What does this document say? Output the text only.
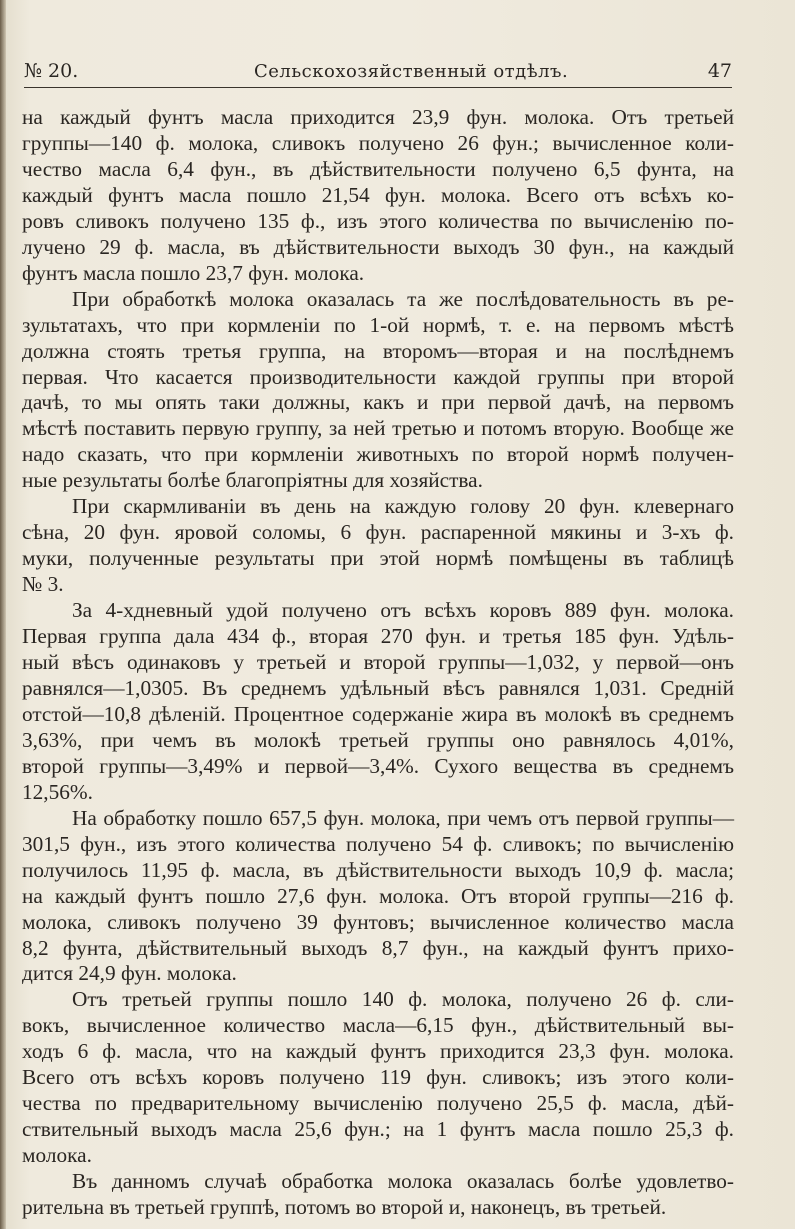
№ 20.	Сельскохозяйственный отдѣлъ.	47

на каждый фунтъ масла приходится 23,9 фун. молока. Отъ третьей

группы—140 ф. молока, сливокъ получено 26 фун.; вычисленное коли-

чество масла 6,4 фун., въ дѣйствительности получено 6,5 фунта, на

каждый фунтъ масла пошло 21,54 фун. молока. Всего отъ всѣхъ ко-

ровъ сливокъ получено 135 ф., изъ этого количества по вычисленію по-

лучено 29 ф. масла, въ дѣйствительности выходъ 30 фун., на каждый

фунтъ масла пошло 23,7 фун. молока.

При обработкѣ молока оказалась та же послѣдовательность въ ре-

зультатахъ, что при кормленіи по 1-ой нормѣ, т. е. на первомъ мѣстѣ

должна стоять третья группа, на второмъ—вторая и на послѣднемъ

первая. Что касается производительности каждой группы при второй

дачѣ, то мы опять таки должны, какъ и при первой дачѣ, на первомъ

мѣстѣ поставить первую группу, за ней третью и потомъ вторую. Вообще же

надо сказать, что при кормленіи животныхъ по второй нормѣ получен-

ные результаты болѣе благопріятны для хозяйства.

При скармливаніи въ день на каждую голову 20 фун. клевернаго

сѣна, 20 фун. яровой соломы, 6 фун. распаренной мякины и 3-хъ ф.

муки, полученные результаты при этой нормѣ помѣщены въ таблицѣ

№ 3.

За 4-хдневный удой получено отъ всѣхъ коровъ 889 фун. молока.

Первая группа дала 434 ф., вторая 270 фун. и третья 185 фун. Удѣль-

ный вѣсъ одинаковъ у третьей и второй группы—1,032, у первой—онъ

равнялся—1,0305. Въ среднемъ удѣльный вѣсъ равнялся 1,031. Средній

отстой—10,8 дѣленій. Процентное содержаніе жира въ молокѣ въ среднемъ

3,63%, при чемъ въ молокѣ третьей группы оно равнялось 4,01%,

второй группы—3,49% и первой—3,4%. Сухого вещества въ среднемъ

12,56%.

На обработку пошло 657,5 фун. молока, при чемъ отъ первой группы—

301,5 фун., изъ этого количества получено 54 ф. сливокъ; по вычисленію

получилось 11,95 ф. масла, въ дѣйствительности выходъ 10,9 ф. масла;

на каждый фунтъ пошло 27,6 фун. молока. Отъ второй группы—216 ф.

молока, сливокъ получено 39 фунтовъ; вычисленное количество масла

8,2 фунта, дѣйствительный выходъ 8,7 фун., на каждый фунтъ прихо-

дится 24,9 фун. молока.

Отъ третьей группы пошло 140 ф. молока, получено 26 ф. сли-

вокъ, вычисленное количество масла—6,15 фун., дѣйствительный вы-

ходъ 6 ф. масла, что на каждый фунтъ приходится 23,3 фун. молока.

Всего отъ всѣхъ коровъ получено 119 фун. сливокъ; изъ этого коли-

чества по предварительному вычисленію получено 25,5 ф. масла, дѣй-

ствительный выходъ масла 25,6 фун.; на 1 фунтъ масла пошло 25,3 ф.

молока.

Въ данномъ случаѣ обработка молока оказалась болѣе удовлетво-

рительна въ третьей группѣ, потомъ во второй и, наконецъ, въ третьей.
